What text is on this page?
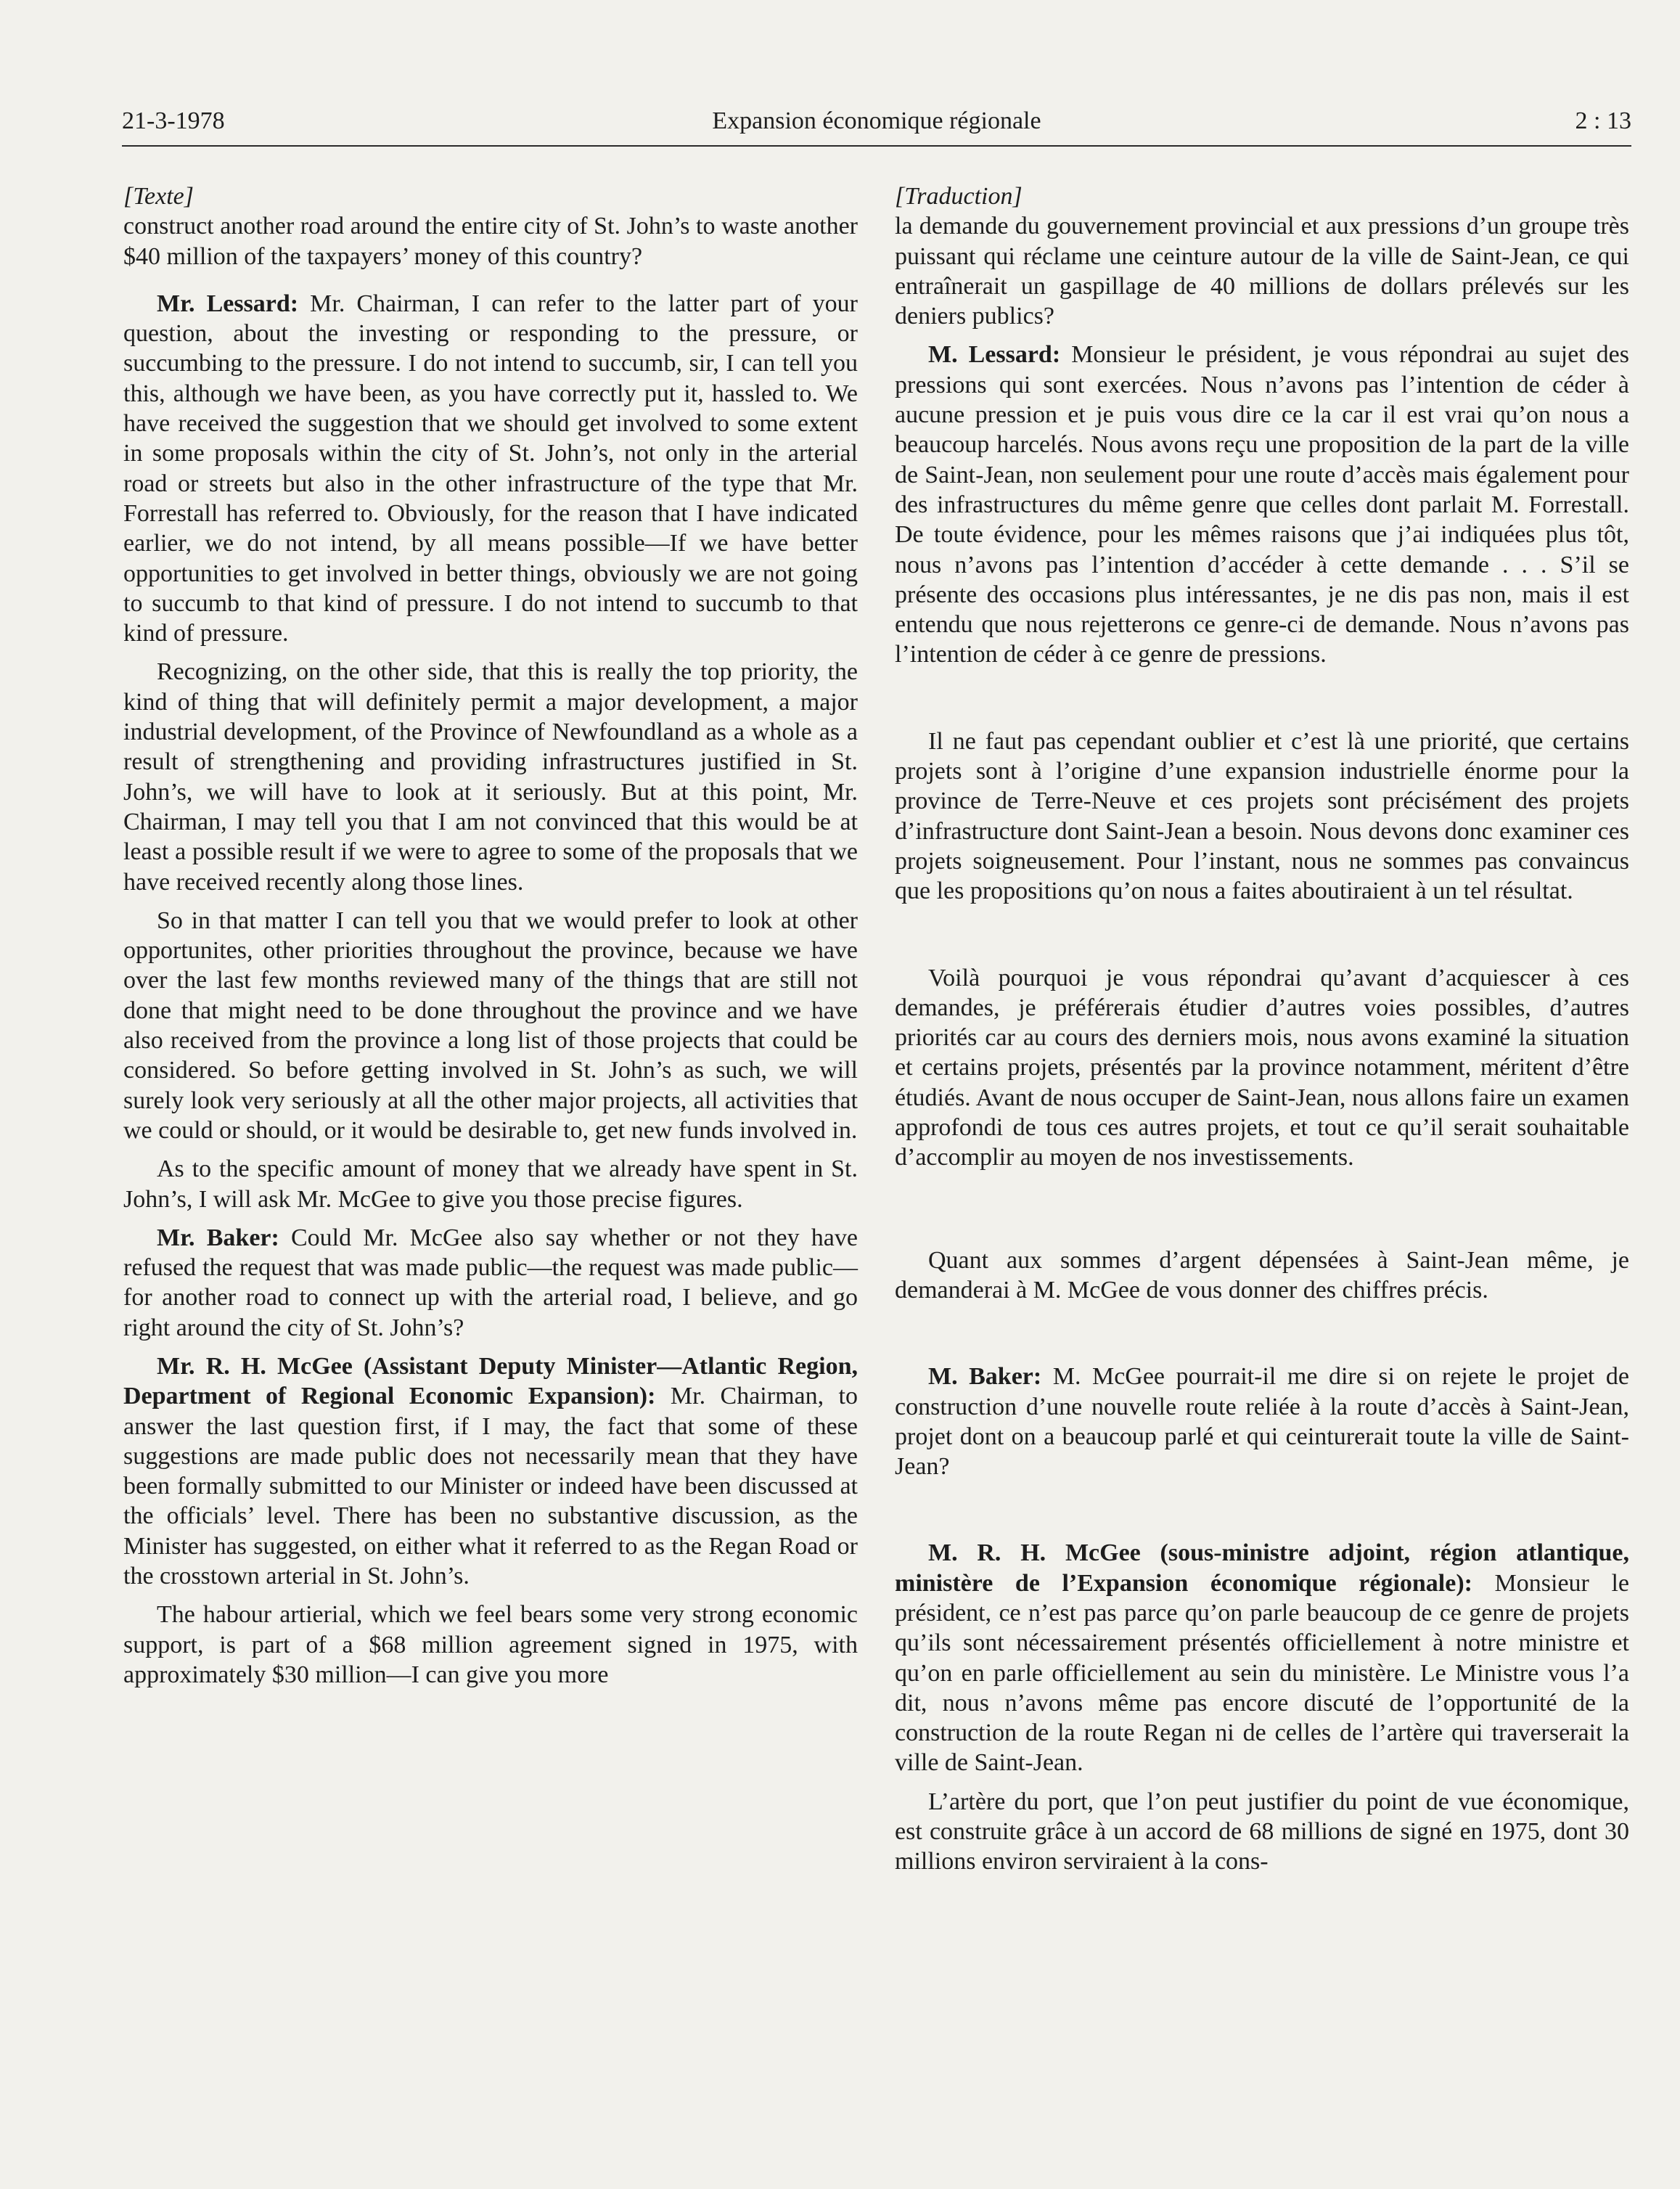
21-3-1978	Expansion économique régionale	2 : 13

[Texte]

construct another road around the entire city of St. John’s to waste another $40 million of the taxpayers’ money of this country?

Mr. Lessard: Mr. Chairman, I can refer to the latter part of your question, about the investing or responding to the pressure, or succumbing to the pressure. I do not intend to succumb, sir, I can tell you this, although we have been, as you have correctly put it, hassled to. We have received the suggestion that we should get involved to some extent in some proposals within the city of St. John’s, not only in the arterial road or streets but also in the other infrastructure of the type that Mr. Forrestall has referred to. Obviously, for the reason that I have indicated earlier, we do not intend, by all means possible—If we have better opportunities to get involved in better things, obviously we are not going to succumb to that kind of pressure. I do not intend to succumb to that kind of pressure.

Recognizing, on the other side, that this is really the top priority, the kind of thing that will definitely permit a major development, a major industrial development, of the Province of Newfoundland as a whole as a result of strengthening and providing infrastructures justified in St. John’s, we will have to look at it seriously. But at this point, Mr. Chairman, I may tell you that I am not convinced that this would be at least a possible result if we were to agree to some of the proposals that we have received recently along those lines.

So in that matter I can tell you that we would prefer to look at other opportunites, other priorities throughout the province, because we have over the last few months reviewed many of the things that are still not done that might need to be done throughout the province and we have also received from the province a long list of those projects that could be considered. So before getting involved in St. John’s as such, we will surely look very seriously at all the other major projects, all activities that we could or should, or it would be desirable to, get new funds involved in.

As to the specific amount of money that we already have spent in St. John’s, I will ask Mr. McGee to give you those precise figures.

Mr. Baker: Could Mr. McGee also say whether or not they have refused the request that was made public—the request was made public—for another road to connect up with the arterial road, I believe, and go right around the city of St. John’s?

Mr. R. H. McGee (Assistant Deputy Minister—Atlantic Region, Department of Regional Economic Expansion): Mr. Chairman, to answer the last question first, if I may, the fact that some of these suggestions are made public does not necessarily mean that they have been formally submitted to our Minister or indeed have been discussed at the officials’ level. There has been no substantive discussion, as the Minister has suggested, on either what it referred to as the Regan Road or the crosstown arterial in St. John’s.

The habour artierial, which we feel bears some very strong economic support, is part of a $68 million agreement signed in 1975, with approximately $30 million—I can give you more

[Traduction]

la demande du gouvernement provincial et aux pressions d’un groupe très puissant qui réclame une ceinture autour de la ville de Saint-Jean, ce qui entraînerait un gaspillage de 40 millions de dollars prélevés sur les deniers publics?

M. Lessard: Monsieur le président, je vous répondrai au sujet des pressions qui sont exercées. Nous n’avons pas l’intention de céder à aucune pression et je puis vous dire ce la car il est vrai qu’on nous a beaucoup harcelés. Nous avons reçu une proposition de la part de la ville de Saint-Jean, non seulement pour une route d’accès mais également pour des infrastructures du même genre que celles dont parlait M. Forrestall. De toute évidence, pour les mêmes raisons que j’ai indiquées plus tôt, nous n’avons pas l’intention d’accéder à cette demande . . . S’il se présente des occasions plus intéressantes, je ne dis pas non, mais il est entendu que nous rejetterons ce genre-ci de demande. Nous n’avons pas l’intention de céder à ce genre de pressions.

Il ne faut pas cependant oublier et c’est là une priorité, que certains projets sont à l’origine d’une expansion industrielle énorme pour la province de Terre-Neuve et ces projets sont précisément des projets d’infrastructure dont Saint-Jean a besoin. Nous devons donc examiner ces projets soigneusement. Pour l’instant, nous ne sommes pas convaincus que les propositions qu’on nous a faites aboutiraient à un tel résultat.

Voilà pourquoi je vous répondrai qu’avant d’acquiescer à ces demandes, je préférerais étudier d’autres voies possibles, d’autres priorités car au cours des derniers mois, nous avons examiné la situation et certains projets, présentés par la province notamment, méritent d’être étudiés. Avant de nous occuper de Saint-Jean, nous allons faire un examen approfondi de tous ces autres projets, et tout ce qu’il serait souhaitable d’accomplir au moyen de nos investissements.

Quant aux sommes d’argent dépensées à Saint-Jean même, je demanderai à M. McGee de vous donner des chiffres précis.

M. Baker: M. McGee pourrait-il me dire si on rejete le projet de construction d’une nouvelle route reliée à la route d’accès à Saint-Jean, projet dont on a beaucoup parlé et qui ceinturerait toute la ville de Saint-Jean?

M. R. H. McGee (sous-ministre adjoint, région atlantique, ministère de l’Expansion économique régionale): Monsieur le président, ce n’est pas parce qu’on parle beaucoup de ce genre de projets qu’ils sont nécessairement présentés officiellement à notre ministre et qu’on en parle officiellement au sein du ministère. Le Ministre vous l’a dit, nous n’avons même pas encore discuté de l’opportunité de la construction de la route Regan ni de celles de l’artère qui traverserait la ville de Saint-Jean.

L’artère du port, que l’on peut justifier du point de vue économique, est construite grâce à un accord de 68 millions de signé en 1975, dont 30 millions environ serviraient à la cons-
